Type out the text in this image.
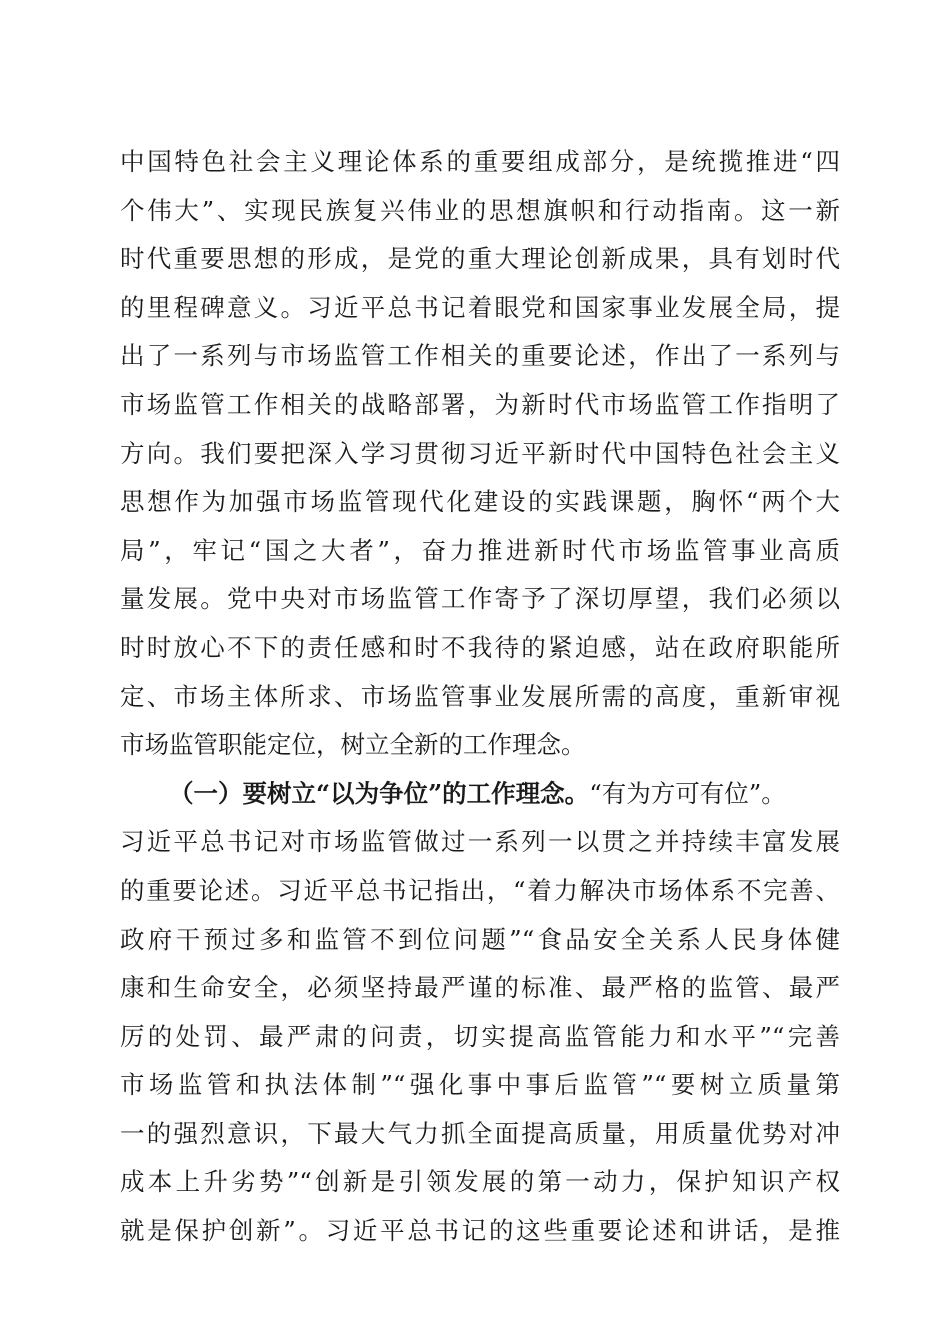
中国特色社会主义理论体系的重要组成部分，是统揽推进“四
个伟大”、实现民族复兴伟业的思想旗帜和行动指南。这一新
时代重要思想的形成，是党的重大理论创新成果，具有划时代
的里程碑意义。习近平总书记着眼党和国家事业发展全局，提
出了一系列与市场监管工作相关的重要论述，作出了一系列与
市场监管工作相关的战略部署，为新时代市场监管工作指明了
方向。我们要把深入学习贯彻习近平新时代中国特色社会主义
思想作为加强市场监管现代化建设的实践课题，胸怀“两个大
局”，牢记“国之大者”，奋力推进新时代市场监管事业高质
量发展。党中央对市场监管工作寄予了深切厚望，我们必须以
时时放心不下的责任感和时不我待的紧迫感，站在政府职能所
定、市场主体所求、市场监管事业发展所需的高度，重新审视
市场监管职能定位，树立全新的工作理念。
（一）要树立“以为争位”的工作理念。“有为方可有位”。
习近平总书记对市场监管做过一系列一以贯之并持续丰富发展
的重要论述。习近平总书记指出，“着力解决市场体系不完善、
政府干预过多和监管不到位问题”“食品安全关系人民身体健
康和生命安全，必须坚持最严谨的标准、最严格的监管、最严
厉的处罚、最严肃的问责，切实提高监管能力和水平”“完善
市场监管和执法体制”“强化事中事后监管”“要树立质量第
一的强烈意识，下最大气力抓全面提高质量，用质量优势对冲
成本上升劣势”“创新是引领发展的第一动力，保护知识产权
就是保护创新”。习近平总书记的这些重要论述和讲话，是推
